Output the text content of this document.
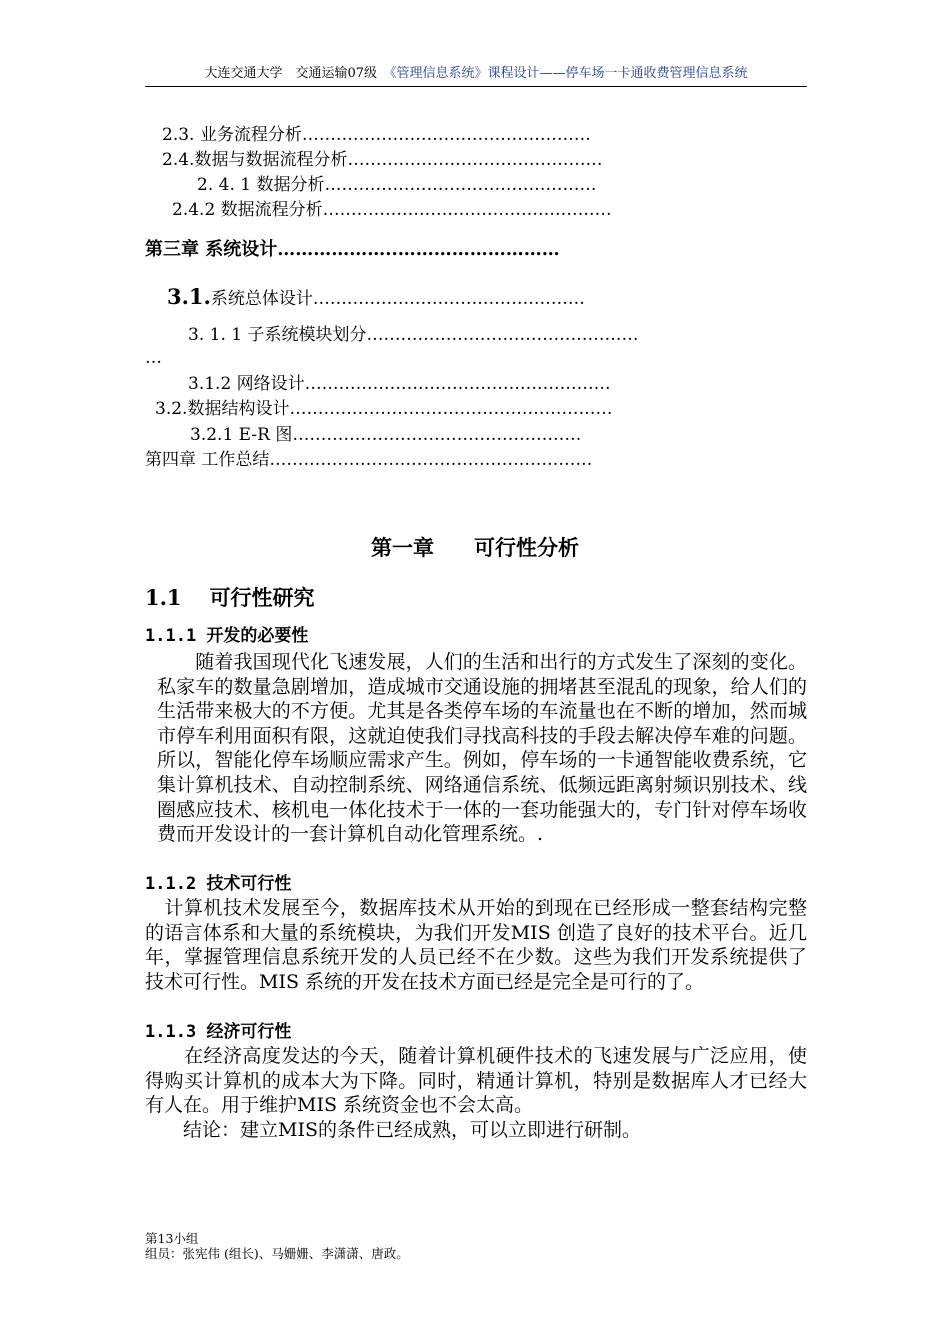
大连交通大学　交通运输07级　《管理信息系统》课程设计——停车场一卡通收费管理信息系统
2.3. 业务流程分析……………………………………………
2.4.数据与数据流程分析………………………………………
2. 4. 1 数据分析…………………………………………
2.4.2 数据流程分析……………………………………………
第三章 系统设计………………..………………………
3.1.系统总体设计…………………………………………
3. 1. 1 子系统模块划分…………………………………………
…
3.1.2 网络设计………………………………………………
3.2.数据结构设计…………………………………………………
3.2.1 E-R 图……………………………………………
第四章 工作总结…………………………………………………
第一章 可行性分析
1.1 可行性研究
1.1.1 开发的必要性
　　随着我国现代化飞速发展，人们的生活和出行的方式发生了深刻的变化。私家车的数量急剧增加，造成城市交通设施的拥堵甚至混乱的现象，给人们的生活带来极大的不方便。尤其是各类停车场的车流量也在不断的增加，然而城市停车利用面积有限，这就迫使我们寻找高科技的手段去解决停车难的问题。所以，智能化停车场顺应需求产生。例如，停车场的一卡通智能收费系统，它集计算机技术、自动控制系统、网络通信系统、低频远距离射频识别技术、线圈感应技术、核机电一体化技术于一体的一套功能强大的，专门针对停车场收费而开发设计的一套计算机自动化管理系统。.
1.1.2 技术可行性
　计算机技术发展至今，数据库技术从开始的到现在已经形成一整套结构完整的语言体系和大量的系统模块，为我们开发MIS 创造了良好的技术平台。近几年，掌握管理信息系统开发的人员已经不在少数。这些为我们开发系统提供了技术可行性。MIS 系统的开发在技术方面已经是完全是可行的了。
1.1.3 经济可行性
　　在经济高度发达的今天，随着计算机硬件技术的飞速发展与广泛应用，使得购买计算机的成本大为下降。同时，精通计算机，特别是数据库人才已经大有人在。用于维护MIS 系统资金也不会太高。
　　结论：建立MIS的条件已经成熟，可以立即进行研制。
第13小组
组员：张宪伟 (组长)、马姗姗、李潇潇、唐政。
